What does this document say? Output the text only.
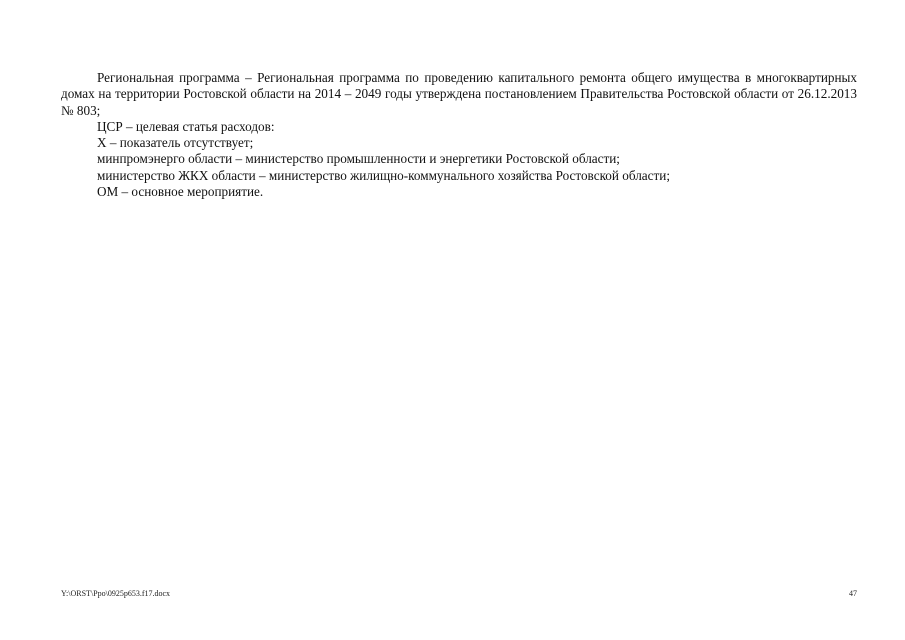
Региональная программа – Региональная программа по проведению капитального ремонта общего имущества в многоквартирных домах на территории Ростовской области на 2014 – 2049 годы утверждена постановлением Правительства Ростовской области от 26.12.2013 № 803;

ЦСР – целевая статья расходов:

Х – показатель отсутствует;

минпромэнерго области – министерство промышленности и энергетики Ростовской области;

министерство ЖКХ области – министерство жилищно-коммунального хозяйства Ростовской области;

ОМ – основное мероприятие.

Y:\ORST\Ppo\0925p653.f17.docx	47
